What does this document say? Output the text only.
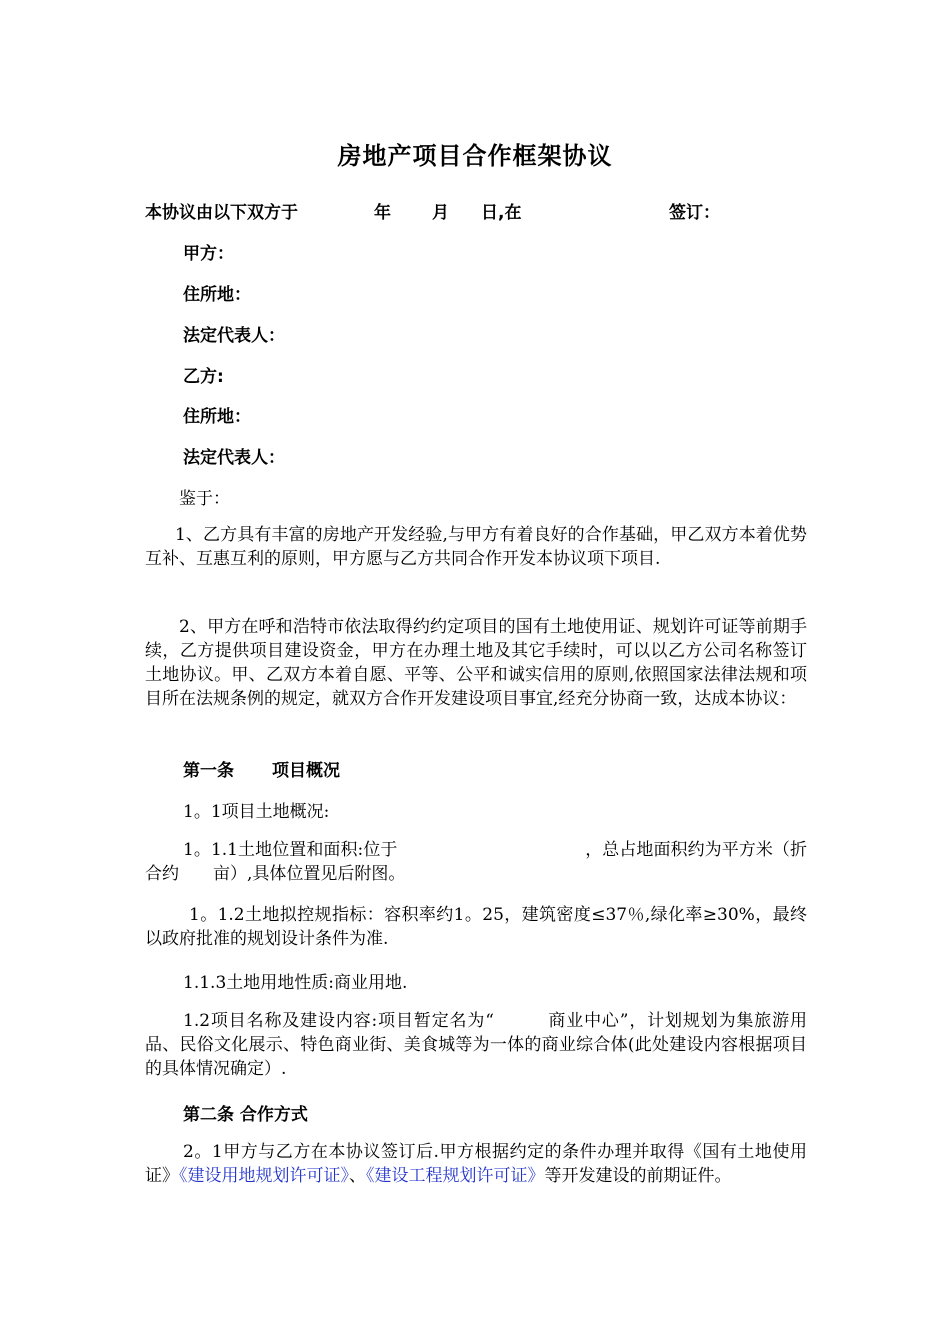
房地产项目合作框架协议
本协议由以下双方于	年 月 日,在	签订：
甲方：
住所地：
法定代表人：
乙方:
住所地：
法定代表人：
鉴于：
1、乙方具有丰富的房地产开发经验,与甲方有着良好的合作基础，甲乙双方本着优势互补、互惠互利的原则，甲方愿与乙方共同合作开发本协议项下项目.
2、甲方在呼和浩特市依法取得约约定项目的国有土地使用证、规划许可证等前期手续，乙方提供项目建设资金，甲方在办理土地及其它手续时，可以以乙方公司名称签订土地协议。甲、乙双方本着自愿、平等、公平和诚实信用的原则,依照国家法律法规和项目所在法规条例的规定，就双方合作开发建设项目事宜,经充分协商一致，达成本协议：
第一条 项目概况
1。1项目土地概况:
1。1.1土地位置和面积:位于　　　　　　　　　　　，总占地面积约为平方米（折合约　　亩）,具体位置见后附图。
1。1.2土地拟控规指标：容积率约1。25，建筑密度≤37％,绿化率≥30%，最终以政府批准的规划设计条件为准.
1.1.3土地用地性质:商业用地.
1.2项目名称及建设内容:项目暂定名为“　　　商业中心”，计划规划为集旅游用品、民俗文化展示、特色商业街、美食城等为一体的商业综合体(此处建设内容根据项目的具体情况确定）.
第二条 合作方式
2。1甲方与乙方在本协议签订后.甲方根据约定的条件办理并取得《国有土地使用证》《建设用地规划许可证》、《建设工程规划许可证》等开发建设的前期证件。
